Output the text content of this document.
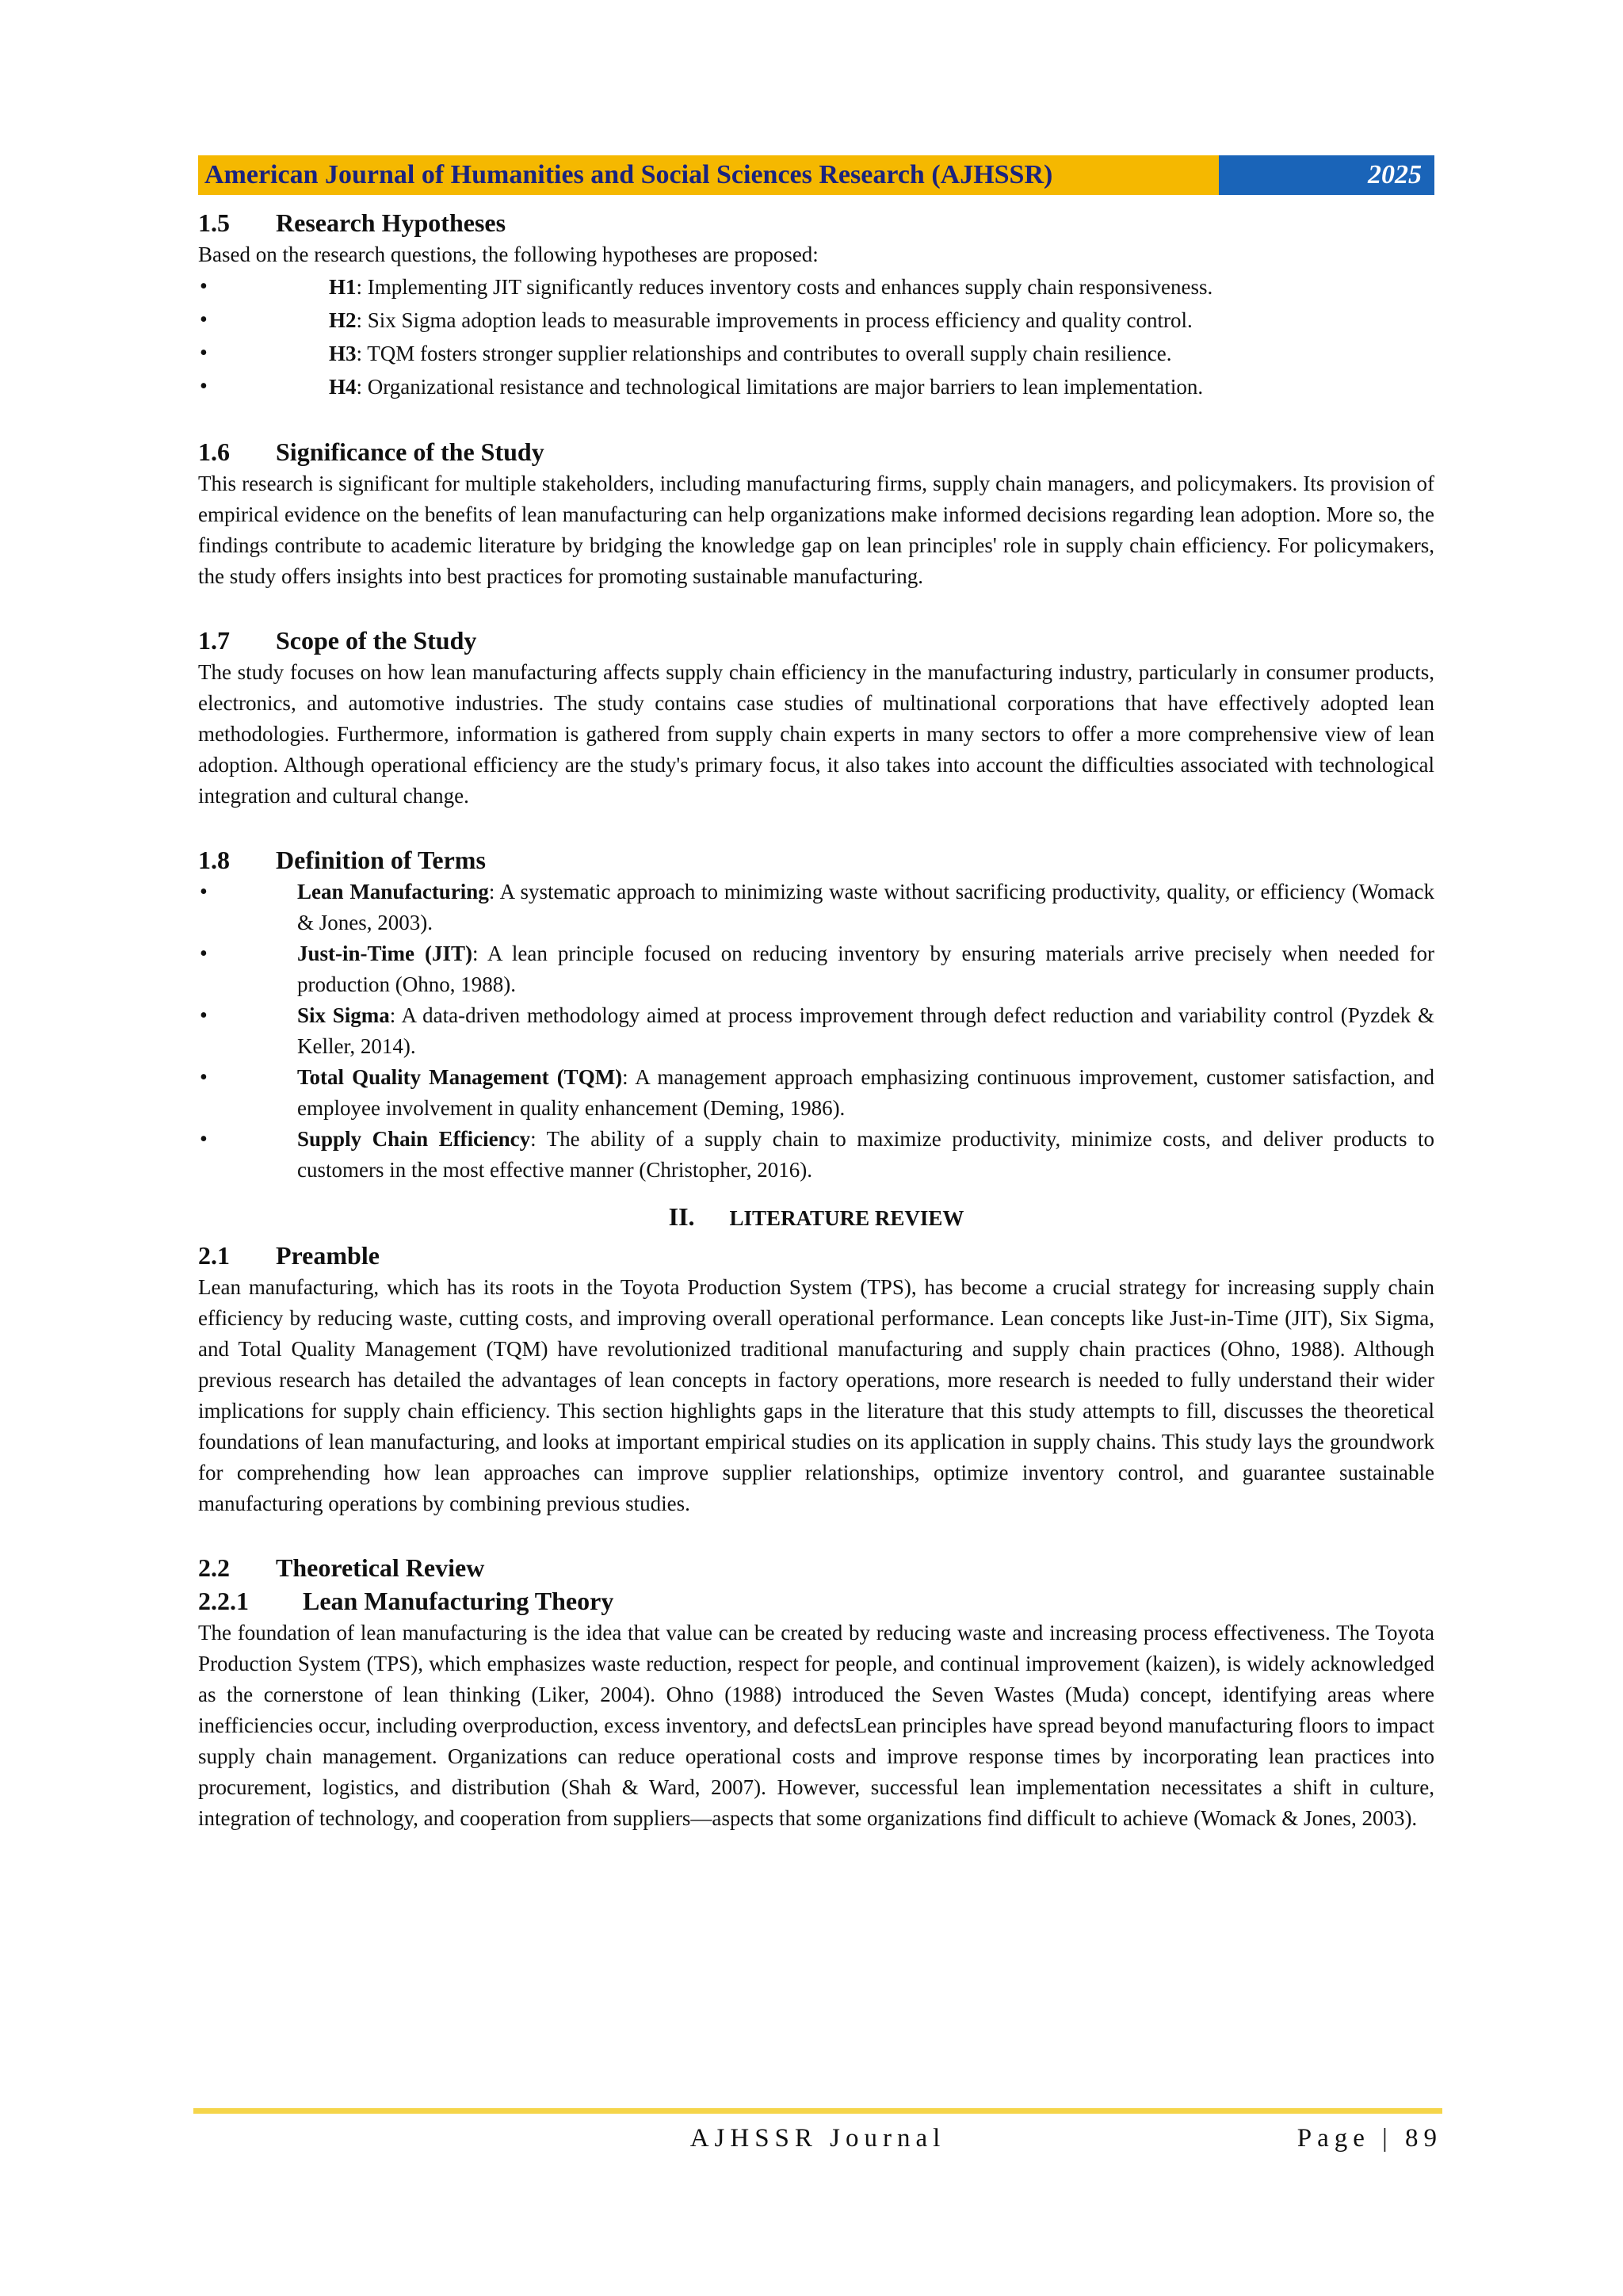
American Journal of Humanities and Social Sciences Research (AJHSSR)	2025
1.5 Research Hypotheses

Based on the research questions, the following hypotheses are proposed:

•	H1: Implementing JIT significantly reduces inventory costs and enhances supply chain responsiveness.
•	H2: Six Sigma adoption leads to measurable improvements in process efficiency and quality control.
•	H3: TQM fosters stronger supplier relationships and contributes to overall supply chain resilience.
•	H4: Organizational resistance and technological limitations are major barriers to lean implementation.
1.6 Significance of the Study

This research is significant for multiple stakeholders, including manufacturing firms, supply chain managers, and policymakers. Its provision of empirical evidence on the benefits of lean manufacturing can help organizations make informed decisions regarding lean adoption. More so, the findings contribute to academic literature by bridging the knowledge gap on lean principles' role in supply chain efficiency. For policymakers, the study offers insights into best practices for promoting sustainable manufacturing.

1.7 Scope of the Study

The study focuses on how lean manufacturing affects supply chain efficiency in the manufacturing industry, particularly in consumer products, electronics, and automotive industries. The study contains case studies of multinational corporations that have effectively adopted lean methodologies. Furthermore, information is gathered from supply chain experts in many sectors to offer a more comprehensive view of lean adoption. Although operational efficiency are the study's primary focus, it also takes into account the difficulties associated with technological integration and cultural change.

1.8 Definition of Terms
•	Lean Manufacturing: A systematic approach to minimizing waste without sacrificing productivity, quality, or efficiency (Womack & Jones, 2003).
•	Just-in-Time (JIT): A lean principle focused on reducing inventory by ensuring materials arrive precisely when needed for production (Ohno, 1988).
•	Six Sigma: A data-driven methodology aimed at process improvement through defect reduction and variability control (Pyzdek & Keller, 2014).
•	Total Quality Management (TQM): A management approach emphasizing continuous improvement, customer satisfaction, and employee involvement in quality enhancement (Deming, 1986).
•	Supply Chain Efficiency: The ability of a supply chain to maximize productivity, minimize costs, and deliver products to customers in the most effective manner (Christopher, 2016).
II. LITERATURE REVIEW
2.1 Preamble

Lean manufacturing, which has its roots in the Toyota Production System (TPS), has become a crucial strategy for increasing supply chain efficiency by reducing waste, cutting costs, and improving overall operational performance. Lean concepts like Just-in-Time (JIT), Six Sigma, and Total Quality Management (TQM) have revolutionized traditional manufacturing and supply chain practices (Ohno, 1988). Although previous research has detailed the advantages of lean concepts in factory operations, more research is needed to fully understand their wider implications for supply chain efficiency. This section highlights gaps in the literature that this study attempts to fill, discusses the theoretical foundations of lean manufacturing, and looks at important empirical studies on its application in supply chains. This study lays the groundwork for comprehending how lean approaches can improve supplier relationships, optimize inventory control, and guarantee sustainable manufacturing operations by combining previous studies.

2.2 Theoretical Review
2.2.1 Lean Manufacturing Theory

The foundation of lean manufacturing is the idea that value can be created by reducing waste and increasing process effectiveness. The Toyota Production System (TPS), which emphasizes waste reduction, respect for people, and continual improvement (kaizen), is widely acknowledged as the cornerstone of lean thinking (Liker, 2004). Ohno (1988) introduced the Seven Wastes (Muda) concept, identifying areas where inefficiencies occur, including overproduction, excess inventory, and defectsLean principles have spread beyond manufacturing floors to impact supply chain management. Organizations can reduce operational costs and improve response times by incorporating lean practices into procurement, logistics, and distribution (Shah & Ward, 2007). However, successful lean implementation necessitates a shift in culture, integration of technology, and cooperation from suppliers—aspects that some organizations find difficult to achieve (Womack & Jones, 2003).

AJHSSR Journal	Page | 89
